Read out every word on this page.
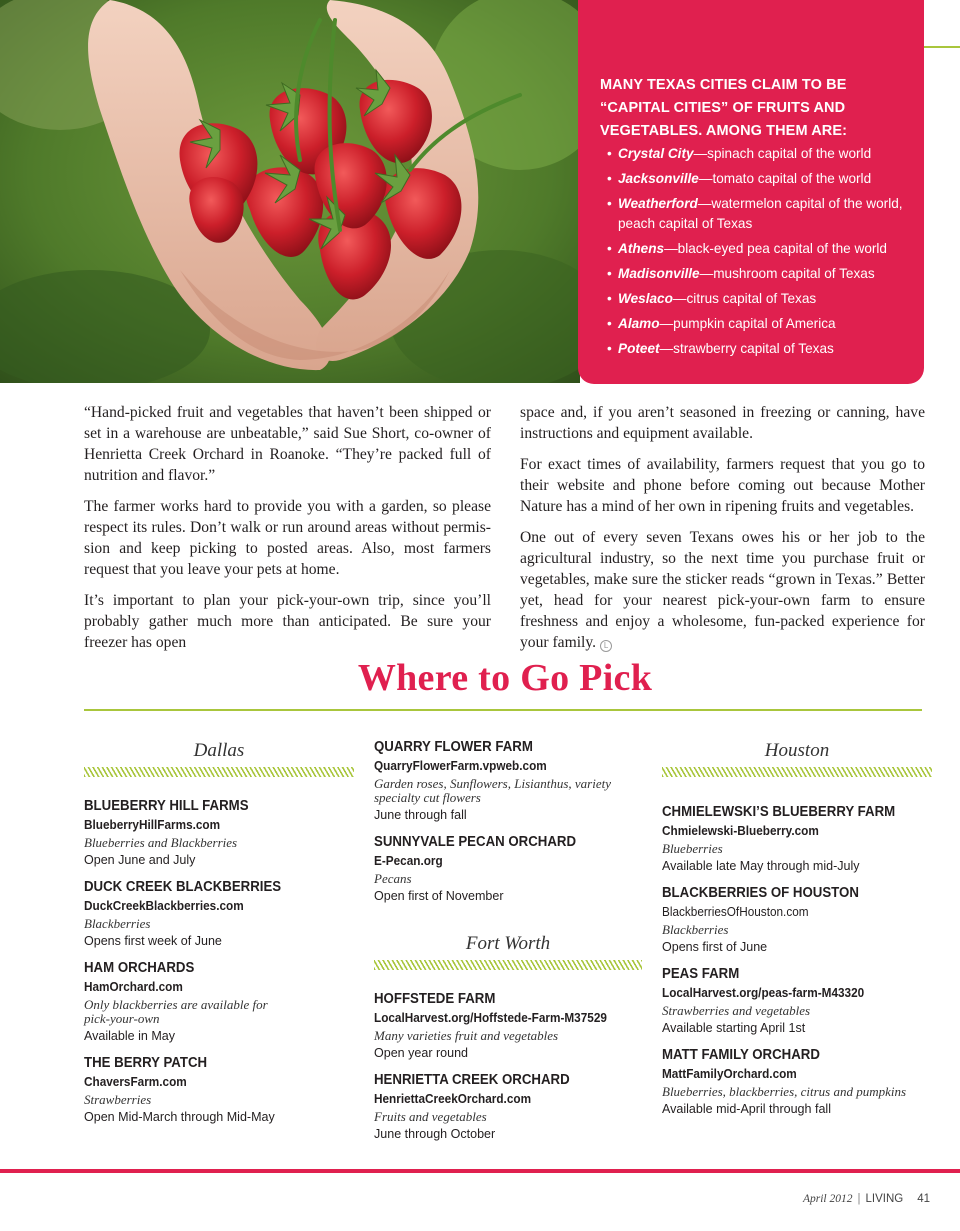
MANY TEXAS CITIES CLAIM TO BE “CAPITAL CITIES” OF FRUITS AND VEGETABLES. AMONG THEM ARE:
• Crystal City—spinach capital of the world
• Jacksonville—tomato capital of the world
• Weatherford—watermelon capital of the world, peach capital of Texas
• Athens—black-eyed pea capital of the world
• Madisonville—mushroom capital of Texas
• Weslaco—citrus capital of Texas
• Alamo—pumpkin capital of America
• Poteet—strawberry capital of Texas

“Hand-picked fruit and vegetables that haven’t been shipped or set in a warehouse are unbeatable,” said Sue Short, co-owner of Henrietta Creek Orchard in Roanoke. “They’re packed full of nutrition and flavor.”

The farmer works hard to provide you with a garden, so please respect its rules. Don’t walk or run around areas without permission and keep picking to posted areas. Also, most farmers request that you leave your pets at home.

It’s important to plan your pick-your-own trip, since you’ll probably gather much more than anticipated. Be sure your freezer has open

space and, if you aren’t seasoned in freezing or canning, have instructions and equipment available.

For exact times of availability, farmers request that you go to their website and phone before coming out because Mother Nature has a mind of her own in ripening fruits and vegetables.

One out of every seven Texans owes his or her job to the agricultural industry, so the next time you purchase fruit or vegetables, make sure the sticker reads “grown in Texas.” Better yet, head for your nearest pick-your-own farm to ensure freshness and enjoy a wholesome, fun-packed experience for your family. L

Where to Go Pick
Dallas
BLUEBERRY HILL FARMS
BlueberryHillFarms.com
Blueberries and Blackberries
Open June and July
DUCK CREEK BLACKBERRIES
DuckCreekBlackberries.com
Blackberries
Opens first week of June
HAM ORCHARDS
HamOrchard.com
Only blackberries are available for pick-your-own
Available in May
THE BERRY PATCH
ChaversFarm.com
Strawberries
Open Mid-March through Mid-May
QUARRY FLOWER FARM
QuarryFlowerFarm.vpweb.com
Garden roses, Sunflowers, Lisianthus, variety specialty cut flowers
June through fall
SUNNYVALE PECAN ORCHARD
E-Pecan.org
Pecans
Open first of November
Fort Worth
HOFFSTEDE FARM
LocalHarvest.org/Hoffstede-Farm-M37529
Many varieties fruit and vegetables
Open year round
HENRIETTA CREEK ORCHARD
HenriettaCreekOrchard.com
Fruits and vegetables
June through October
Houston
CHMIELEWSKI’S BLUEBERRY FARM
Chmielewski-Blueberry.com
Blueberries
Available late May through mid-July
BLACKBERRIES OF HOUSTON
BlackberriesOfHouston.com
Blackberries
Opens first of June
PEAS FARM
LocalHarvest.org/peas-farm-M43320
Strawberries and vegetables
Available starting April 1st
MATT FAMILY ORCHARD
MattFamilyOrchard.com
Blueberries, blackberries, citrus and pumpkins
Available mid-April through fall
April 2012 | LIVING 41
